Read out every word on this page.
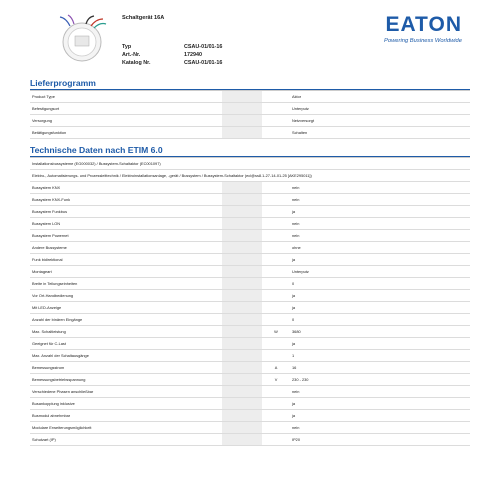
Schaltgerät 16A
Typ	CSAU-01/01-16
Art.-Nr.	172940
Katalog Nr.	CSAU-01/01-16
EATON
Powering Business Worldwide
Lieferprogramm
Product Type	Aktor
Befestigungsort	Unterputz
Versorgung	Netzversorgt
Betätigungsfunktion	Schalten
Technische Daten nach ETIM 6.0
Installationsbussysteme (EG000032) / Bussystem-Schaltaktor (EC001097)
Elektro-, Automatisierungs- und Prozessleittechnik / Elektroinstallationsanlage, -gerät / Bussystem / Bussystem-Schaltaktor (ecl@ss8.1-27-14-01-25 [AKE295011])
Bussystem KNX	nein
Bussystem KNX-Funk	nein
Bussystem Funkbus	ja
Bussystem LON	nein
Bussystem Powernet	nein
Andere Bussysteme	ohne
Funk bidirektional	ja
Montageart	Unterputz
Breite in Teilungseinheiten	0
Vor Ort-Handbedienung	ja
Mit LED-Anzeige	ja
Anzahl der binären Eingänge	0
Max. Schaltleistung	W	3680
Geeignet für C-Last	ja
Max. Anzahl der Schaltausgänge	1
Bemessungsstrom	A	16
Bemessungsbetriebsspannung	V	230 - 230
Verschiedene Phasen anschließbar	nein
Busankopplung inklusive	ja
Busmodul abnehmbar	ja
Modulare Erweiterungsmöglichkeit	nein
Schutzart (IP)	IP20
